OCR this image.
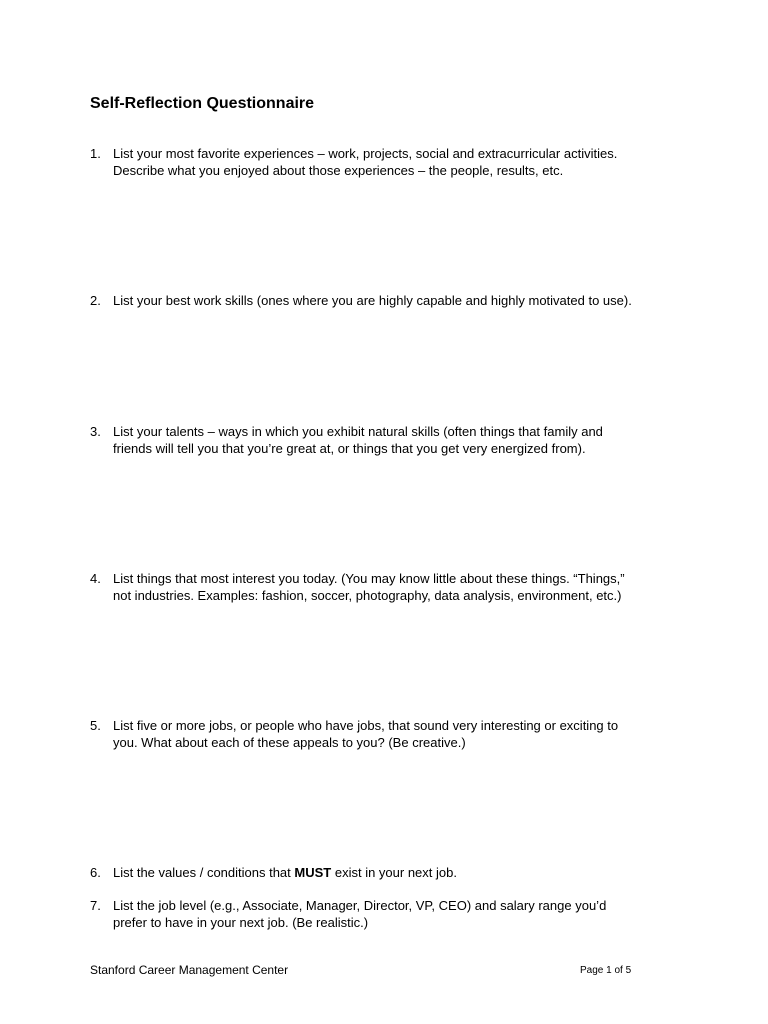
Self-Reflection Questionnaire
1. List your most favorite experiences – work, projects, social and extracurricular activities.
Describe what you enjoyed about those experiences – the people, results, etc.
2. List your best work skills (ones where you are highly capable and highly motivated to use).
3. List your talents – ways in which you exhibit natural skills (often things that family and
friends will tell you that you’re great at, or things that you get very energized from).
4. List things that most interest you today. (You may know little about these things. “Things,”
not industries. Examples: fashion, soccer, photography, data analysis, environment, etc.)
5. List five or more jobs, or people who have jobs, that sound very interesting or exciting to
you. What about each of these appeals to you? (Be creative.)
6. List the values / conditions that MUST exist in your next job.
7. List the job level (e.g., Associate, Manager, Director, VP, CEO) and salary range you’d
prefer to have in your next job. (Be realistic.)
Stanford Career Management Center	Page 1 of 5
